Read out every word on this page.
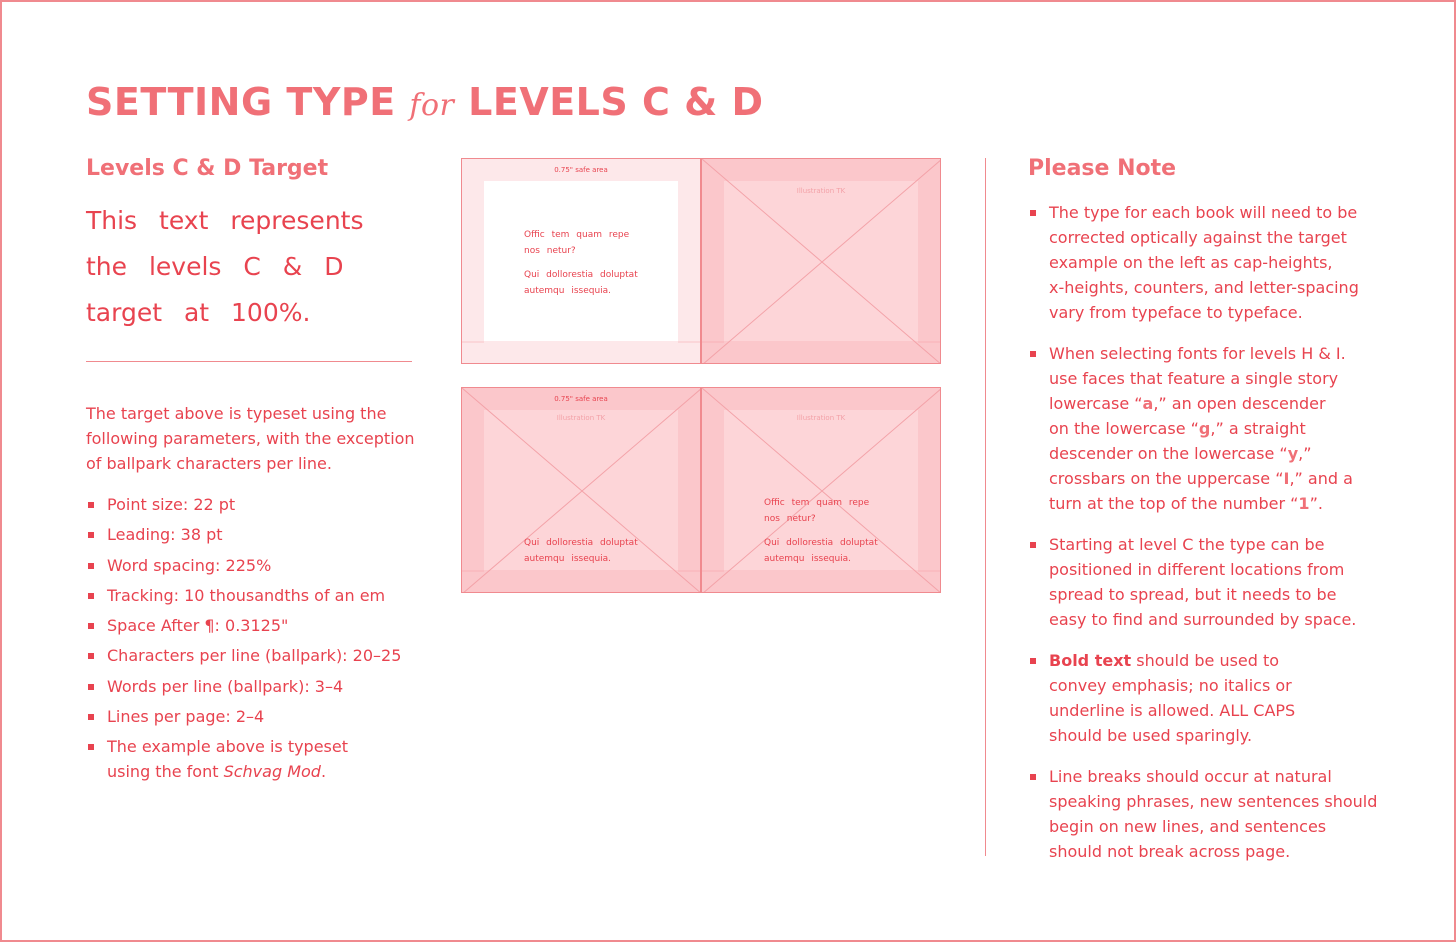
SETTING TYPE for LEVELS C & D
Levels C & D Target
This text represents
the levels C & D
target at 100%.
The target above is typeset using the
following parameters, with the exception
of ballpark characters per line.
Point size: 22 pt
Leading: 38 pt
Word spacing: 225%
Tracking: 10 thousandths of an em
Space After ¶: 0.3125"
Characters per line (ballpark): 20–25
Words per line (ballpark): 3–4
Lines per page: 2–4
The example above is typeset
using the font Schvag Mod.
0.75" safe area
Offic tem quam repe
nos netur?
Qui dolloresti​a doluptat
autemqu issequia.
Illustration TK
0.75" safe area
Illustration TK
Qui dolloresti​a doluptat
autemqu issequia.
Illustration TK
Offic tem quam repe
nos netur?
Qui dolloresti​a doluptat
autemqu issequia.
Please Note
The type for each book will need to be
corrected optically against the target
example on the left as cap-heights,
x-heights, counters, and letter-spacing
vary from typeface to typeface.
When selecting fonts for levels H & I.
use faces that feature a single story
lowercase “a,” an open descender
on the lowercase “g,” a straight
descender on the lowercase “y,”
crossbars on the uppercase “I,” and a
turn at the top of the number “1”.
Starting at level C the type can be
positioned in different locations from
spread to spread, but it needs to be
easy to find and surrounded by space.
Bold text should be used to
convey emphasis; no italics or
underline is allowed. ALL CAPS
should be used sparingly.
Line breaks should occur at natural
speaking phrases, new sentences should
begin on new lines, and sentences
should not break across page.
